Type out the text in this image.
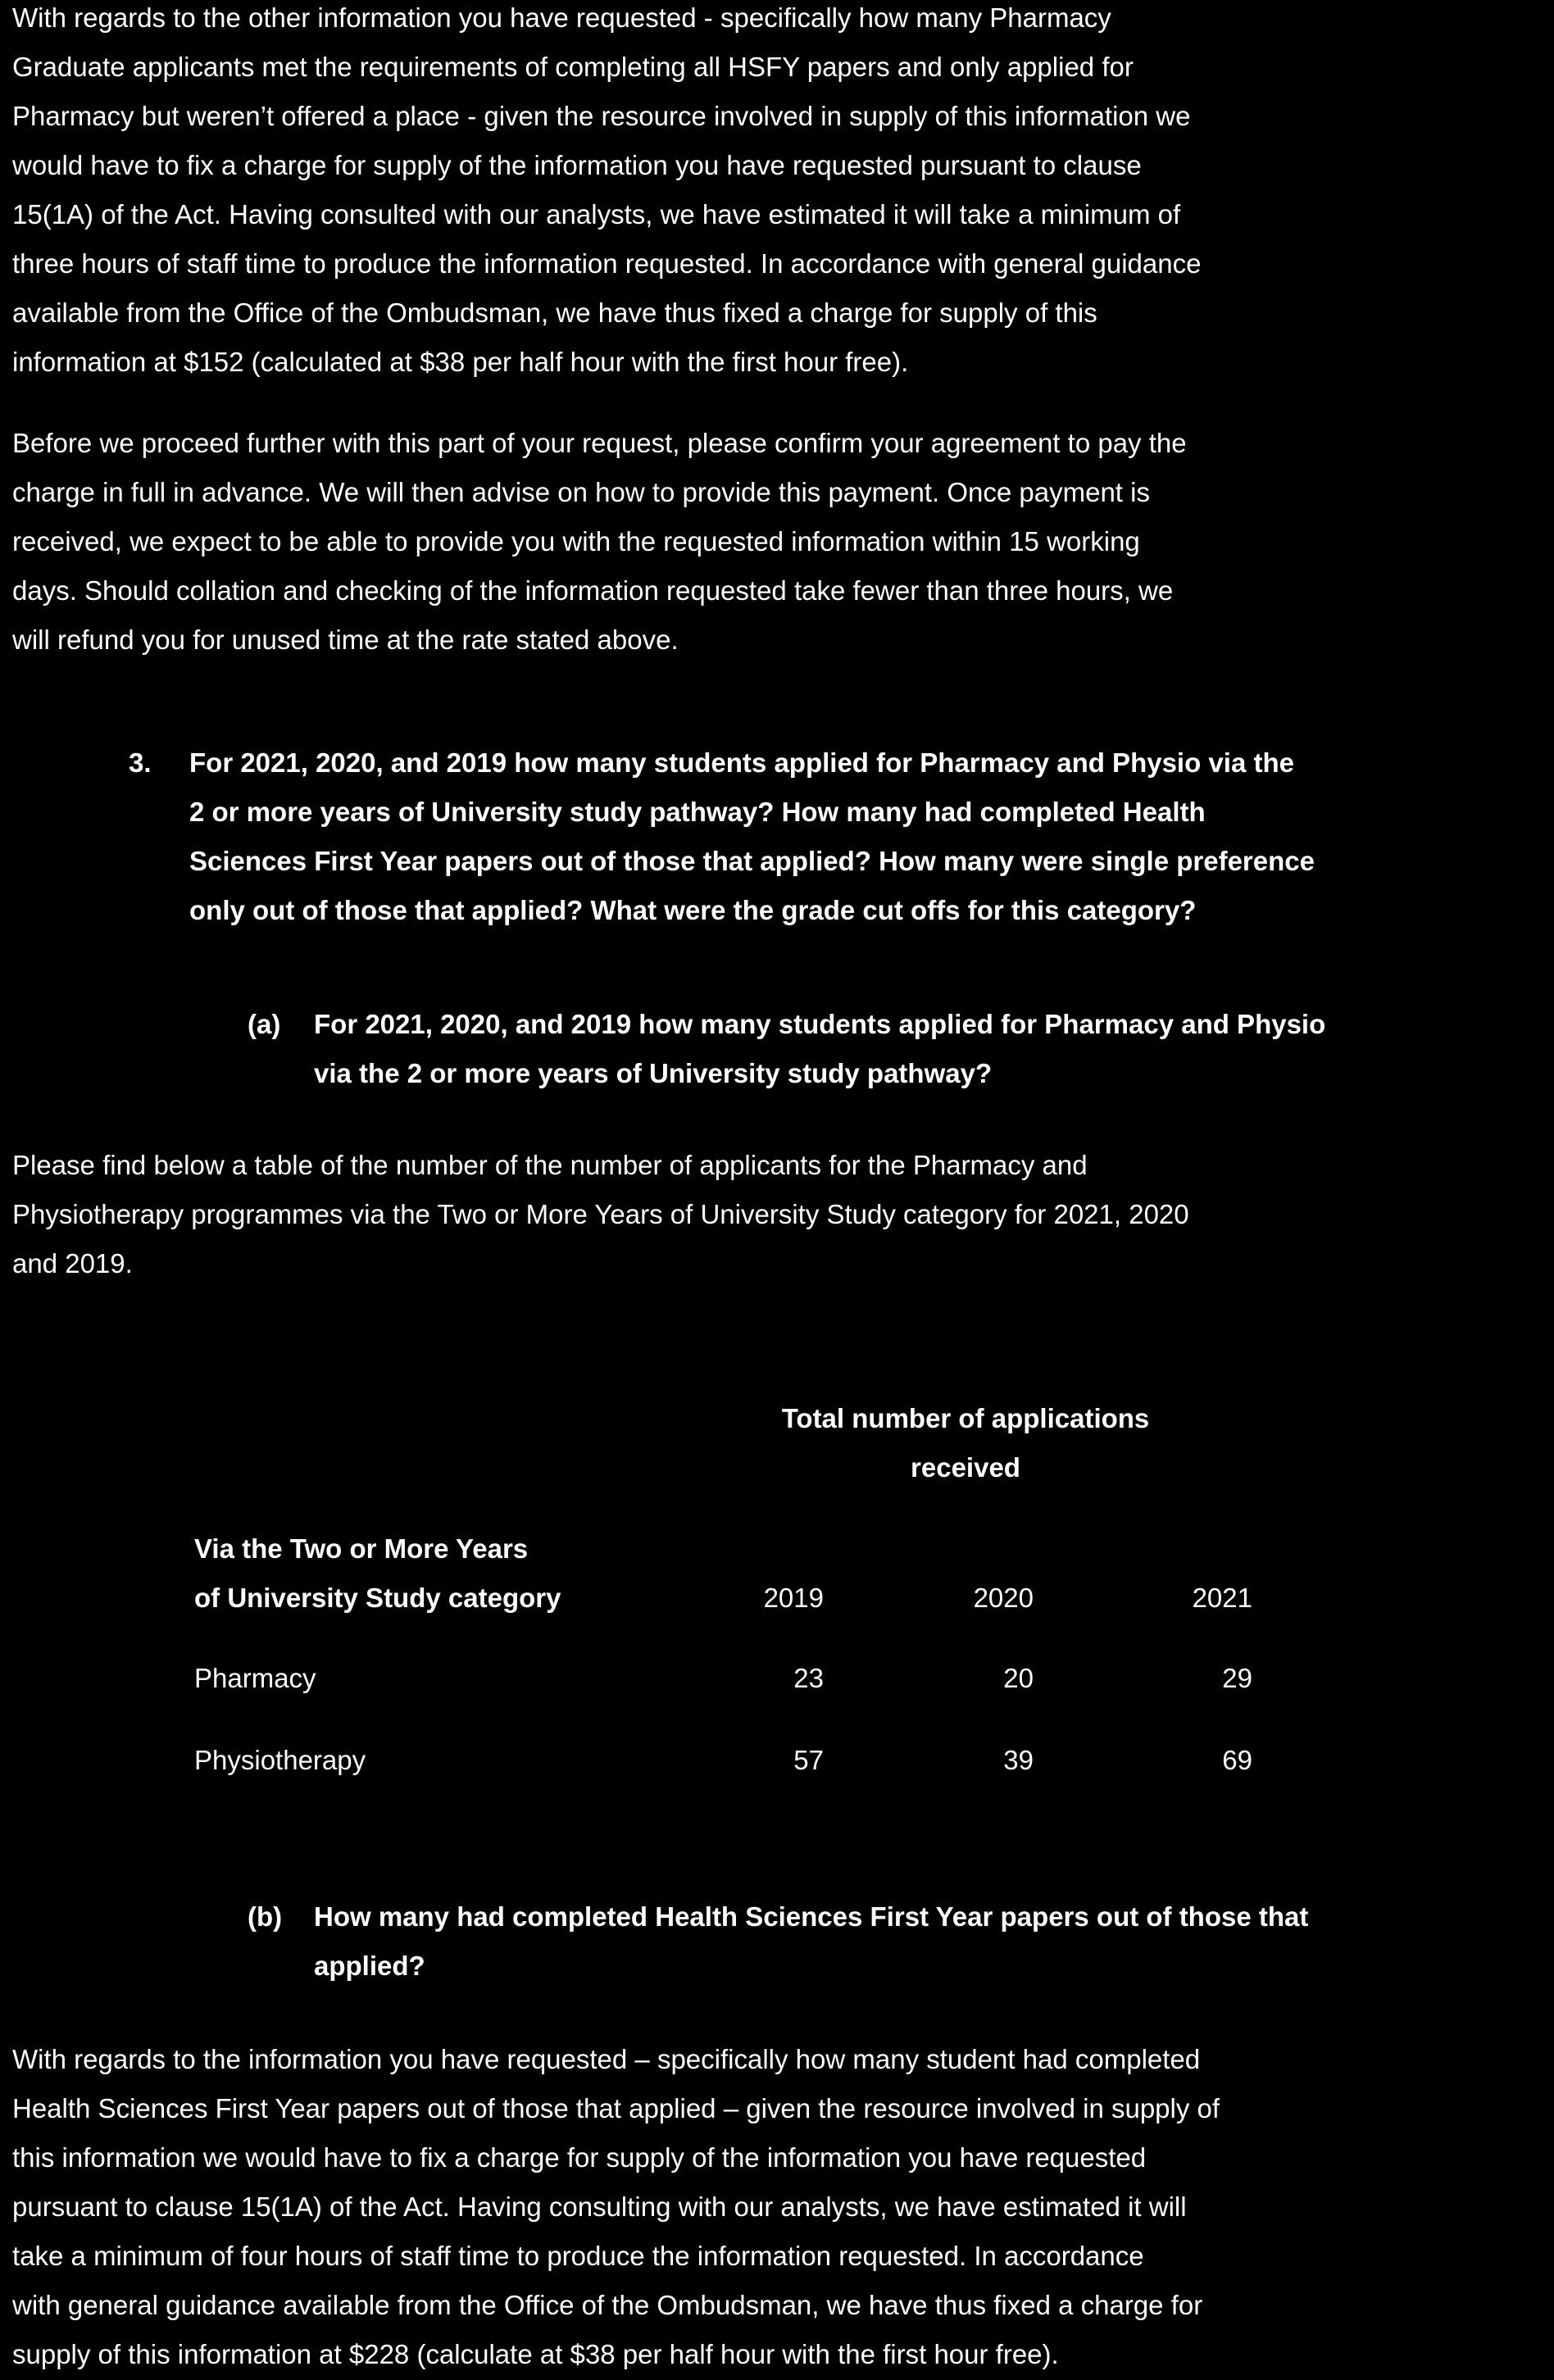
With regards to the other information you have requested - specifically how many Pharmacy
Graduate applicants met the requirements of completing all HSFY papers and only applied for
Pharmacy but weren’t offered a place - given the resource involved in supply of this information we
would have to fix a charge for supply of the information you have requested pursuant to clause
15(1A) of the Act. Having consulted with our analysts, we have estimated it will take a minimum of
three hours of staff time to produce the information requested. In accordance with general guidance
available from the Office of the Ombudsman, we have thus fixed a charge for supply of this
information at $152 (calculated at $38 per half hour with the first hour free).
Before we proceed further with this part of your request, please confirm your agreement to pay the
charge in full in advance. We will then advise on how to provide this payment. Once payment is
received, we expect to be able to provide you with the requested information within 15 working
days. Should collation and checking of the information requested take fewer than three hours, we
will refund you for unused time at the rate stated above.
3. For 2021, 2020, and 2019 how many students applied for Pharmacy and Physio via the
2 or more years of University study pathway? How many had completed Health
Sciences First Year papers out of those that applied? How many were single preference
only out of those that applied? What were the grade cut offs for this category?
(a) For 2021, 2020, and 2019 how many students applied for Pharmacy and Physio
via the 2 or more years of University study pathway?
Please find below a table of the number of the number of applicants for the Pharmacy and
Physiotherapy programmes via the Two or More Years of University Study category for 2021, 2020
and 2019.
Total number of applications
received
Via the Two or More Years
of University Study category	2019	2020	2021
Pharmacy	23	20	29
Physiotherapy	57	39	69
(b) How many had completed Health Sciences First Year papers out of those that
applied?
With regards to the information you have requested – specifically how many student had completed
Health Sciences First Year papers out of those that applied – given the resource involved in supply of
this information we would have to fix a charge for supply of the information you have requested
pursuant to clause 15(1A) of the Act. Having consulting with our analysts, we have estimated it will
take a minimum of four hours of staff time to produce the information requested. In accordance
with general guidance available from the Office of the Ombudsman, we have thus fixed a charge for
supply of this information at $228 (calculate at $38 per half hour with the first hour free).
